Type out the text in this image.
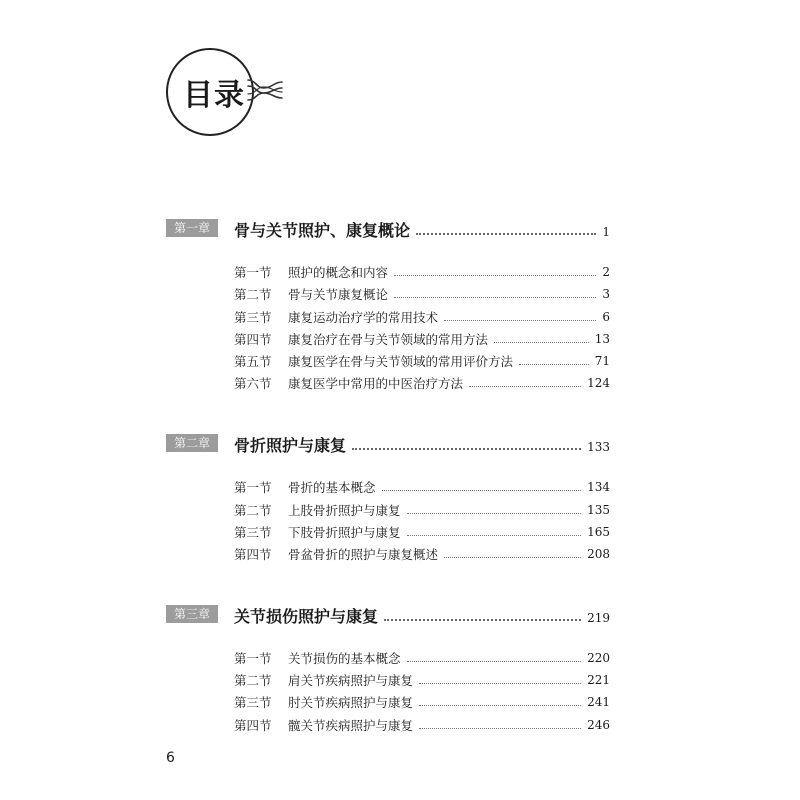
目录
第一章	骨与关节照护、康复概论	1
第一节	照护的概念和内容	2
第二节	骨与关节康复概论	3
第三节	康复运动治疗学的常用技术	6
第四节	康复治疗在骨与关节领域的常用方法	13
第五节	康复医学在骨与关节领域的常用评价方法	71
第六节	康复医学中常用的中医治疗方法	124
第二章	骨折照护与康复	133
第一节	骨折的基本概念	134
第二节	上肢骨折照护与康复	135
第三节	下肢骨折照护与康复	165
第四节	骨盆骨折的照护与康复概述	208
第三章	关节损伤照护与康复	219
第一节	关节损伤的基本概念	220
第二节	肩关节疾病照护与康复	221
第三节	肘关节疾病照护与康复	241
第四节	髋关节疾病照护与康复	246
6
